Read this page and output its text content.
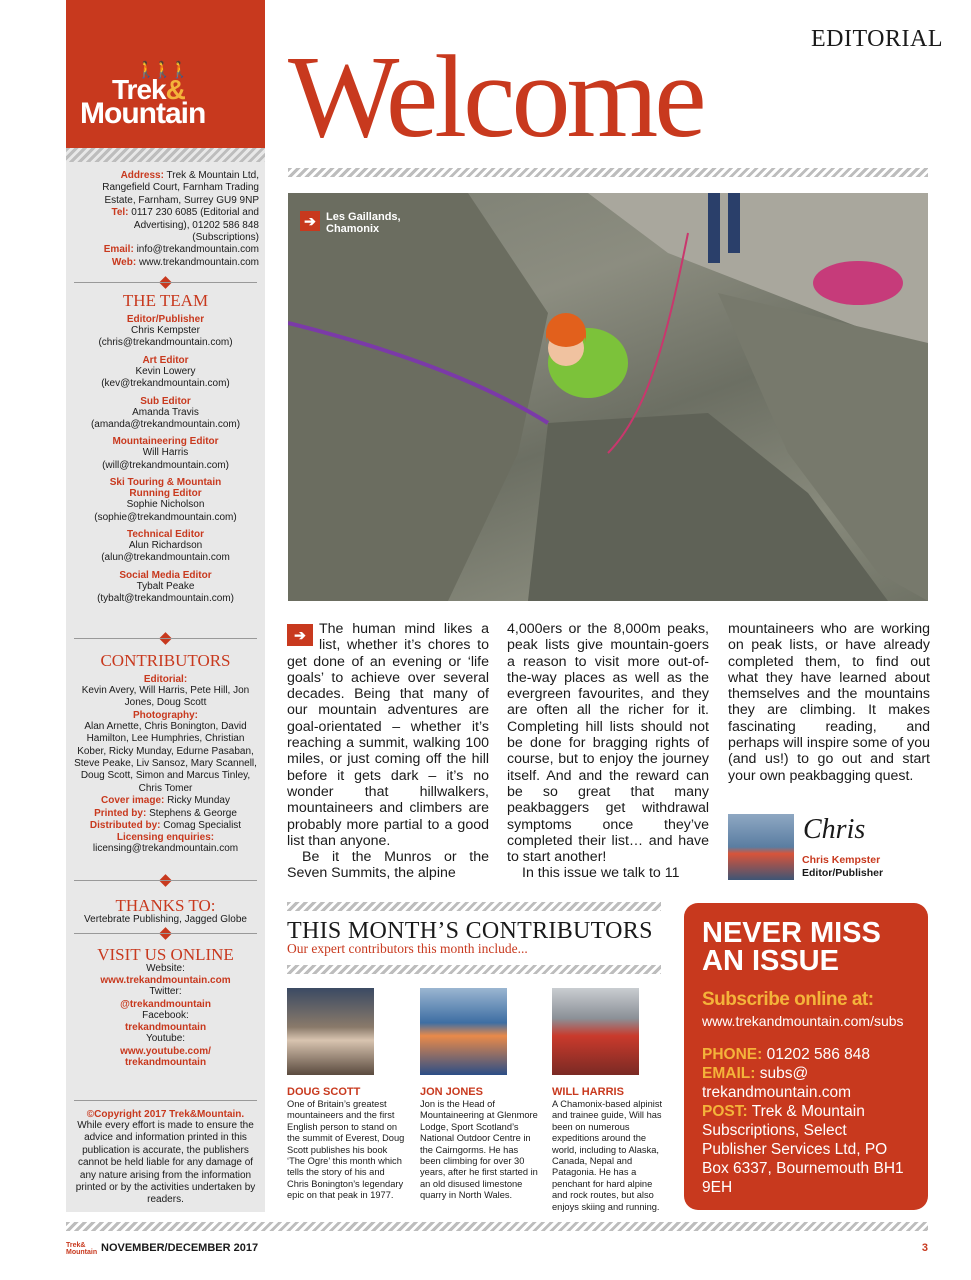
🚶🚶🚶
Trek&
Mountain
Address: Trek & Mountain Ltd, Rangefield Court, Farnham Trading Estate, Farnham, Surrey GU9 9NP
Tel: 0117 230 6085 (Editorial and Advertising), 01202 586 848 (Subscriptions)
Email: info@trekandmountain.com
Web: www.trekandmountain.com
THE TEAM
Editor/Publisher
Chris Kempster
(chris@trekandmountain.com)
Art Editor
Kevin Lowery
(kev@trekandmountain.com)
Sub Editor
Amanda Travis
(amanda@trekandmountain.com)
Mountaineering Editor
Will Harris
(will@trekandmountain.com)
Ski Touring & Mountain Running Editor
Sophie Nicholson
(sophie@trekandmountain.com)
Technical Editor
Alun Richardson
(alun@trekandmountain.com
Social Media Editor
Tybalt Peake
(tybalt@trekandmountain.com)
CONTRIBUTORS
Editorial:
Kevin Avery, Will Harris, Pete Hill, Jon Jones, Doug Scott
Photography:
Alan Arnette, Chris Bonington, David Hamilton, Lee Humphries, Christian Kober, Ricky Munday, Edurne Pasaban, Steve Peake, Liv Sansoz, Mary Scannell, Doug Scott, Simon and Marcus Tinley, Chris Tomer
Cover image: Ricky Munday
Printed by: Stephens & George
Distributed by: Comag Specialist
Licensing enquiries:
licensing@trekandmountain.com
THANKS TO:
Vertebrate Publishing, Jagged Globe
VISIT US ONLINE
Website:
www.trekandmountain.com
Twitter:
@trekandmountain
Facebook:
trekandmountain
Youtube:
www.youtube.com/ trekandmountain
©Copyright 2017 Trek&Mountain.
While every effort is made to ensure the advice and information printed in this publication is accurate, the publishers cannot be held liable for any damage of any nature arising from the information printed or by the activities undertaken by readers.
EDITORIAL
Welcome
➔ Les Gaillands, Chamonix

➔ The human mind likes a list, whether it’s chores to get done of an evening or ‘life goals’ to achieve over several decades. Being that many of our mountain adventures are goal-orientated – whether it’s reaching a summit, walking 100 miles, or just coming off the hill before it gets dark – it’s no wonder that hillwalkers, mountaineers and climbers are probably more partial to a good list than anyone.

Be it the Munros or the Seven Summits, the alpine

4,000ers or the 8,000m peaks, peak lists give mountain-goers a reason to visit more out-of-the-way places as well as the evergreen favourites, and they are often all the richer for it. Completing hill lists should not be done for bragging rights of course, but to enjoy the journey itself. And and the reward can be so great that many peakbaggers get withdrawal symptoms once they’ve completed their list… and have to start another!

In this issue we talk to 11

mountaineers who are working on peak lists, or have already completed them, to find out what they have learned about themselves and the mountains they are climbing. It makes fascinating reading, and perhaps will inspire some of you (and us!) to go out and start your own peakbagging quest.

Chris
Chris Kempster
Editor/Publisher
THIS MONTH’S CONTRIBUTORS
Our expert contributors this month include...
DOUG SCOTT
One of Britain’s greatest mountaineers and the first English person to stand on the summit of Everest, Doug Scott publishes his book ‘The Ogre’ this month which tells the story of his and Chris Bonington’s legendary epic on that peak in 1977.
JON JONES
Jon is the Head of Mountaineering at Glenmore Lodge, Sport Scotland’s National Outdoor Centre in the Cairngorms. He has been climbing for over 30 years, after he first started in an old disused limestone quarry in North Wales.
WILL HARRIS
A Chamonix-based alpinist and trainee guide, Will has been on numerous expeditions around the world, including to Alaska, Canada, Nepal and Patagonia. He has a penchant for hard alpine and rock routes, but also enjoys skiing and running.
NEVER MISS AN ISSUE
Subscribe online at:
www.trekandmountain.com/subs
PHONE: 01202 586 848
EMAIL: subs@ trekandmountain.com
POST: Trek & Mountain Subscriptions, Select Publisher Services Ltd, PO Box 6337, Bournemouth BH1 9EH
Trek&
Mountain NOVEMBER/DECEMBER 2017	3
